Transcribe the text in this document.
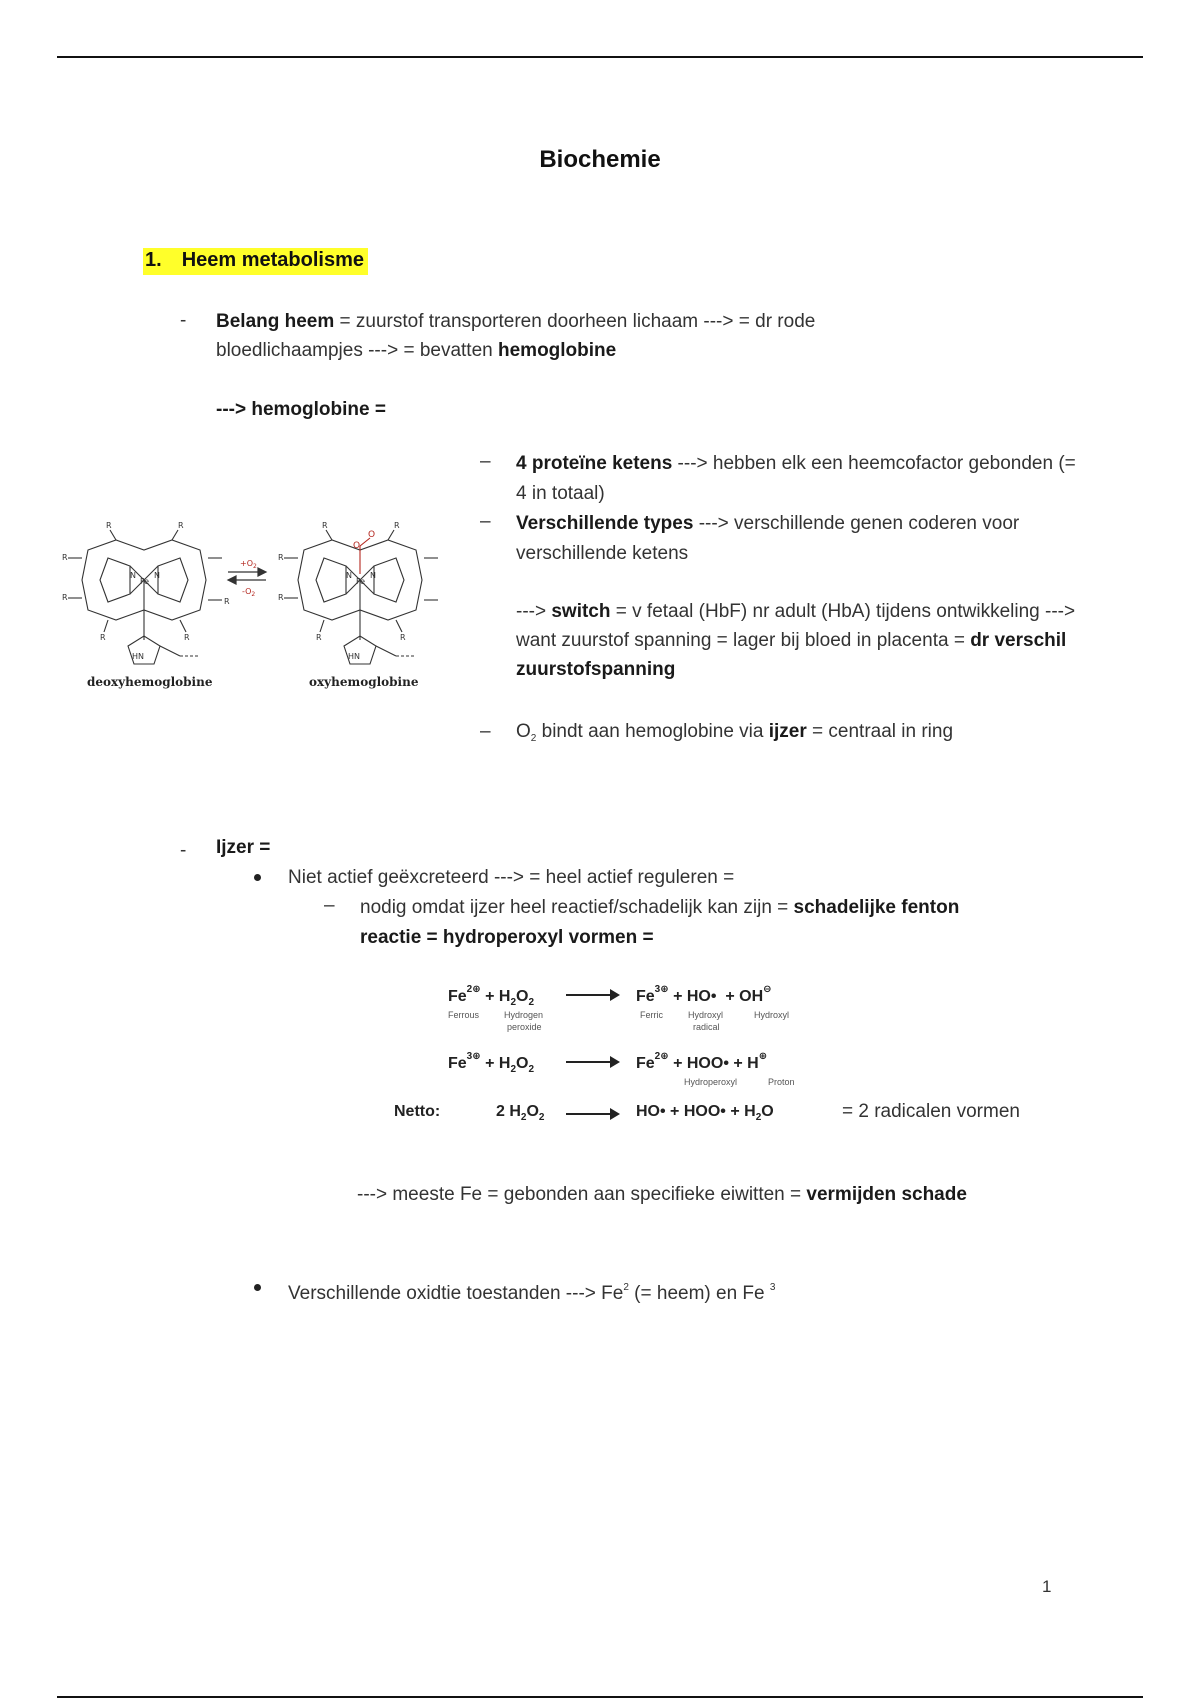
Biochemie
1. Heem metabolisme
- Belang heem = zuurstof transporteren doorheen lichaam ---> = dr rode
bloedlichaampjes ---> = bevatten hemoglobine
---> hemoglobine =
– 4 proteïne ketens ---> hebben elk een heemcofactor gebonden (=
4 in totaal)
– Verschillende types ---> verschillende genen coderen voor
verschillende ketens
---> switch = v fetaal (HbF) nr adult (HbA) tijdens ontwikkeling --->
want zuurstof spanning = lager bij bloed in placenta = dr verschil
zuurstofspanning
– $O_2$ bindt aan hemoglobine via ijzer = centraal in ring
N N
Fe
HN
R
R	R
R	R
R	R
$+O_2$
$-O_2$
N N
Fe
HN
R
R
R	R
R	R
O
O
deoxyhemoglobine	oxyhemoglobine
- Ijzer =
Niet actief geëxcreteerd ---> = heel actief reguleren =
– nodig omdat ijzer heel reactief/schadelijk kan zijn = schadelijke fenton
reactie = hydroperoxyl vormen =
$Fe^{2\oplus} + H_2O_2 \to Fe^{3\oplus}$ + HO• + OH⊖
Ferrous	Hydrogen
peroxide
Ferric	Hydroxyl
radical
Hydroxyl
$Fe^{3\oplus} + H_2O_2 \to Fe^{2\oplus}$ + HOO• + H⊕
Hydroperoxyl	Proton
Netto:	2 $H_2O_2$	HO• + HOO• + $H_2O$	= 2 radicalen vormen
---> meeste Fe = gebonden aan specifieke eiwitten = vermijden schade
Verschillende oxidtie toestanden ---> $Fe^2$ (= heem) en Fe $^3$
1
